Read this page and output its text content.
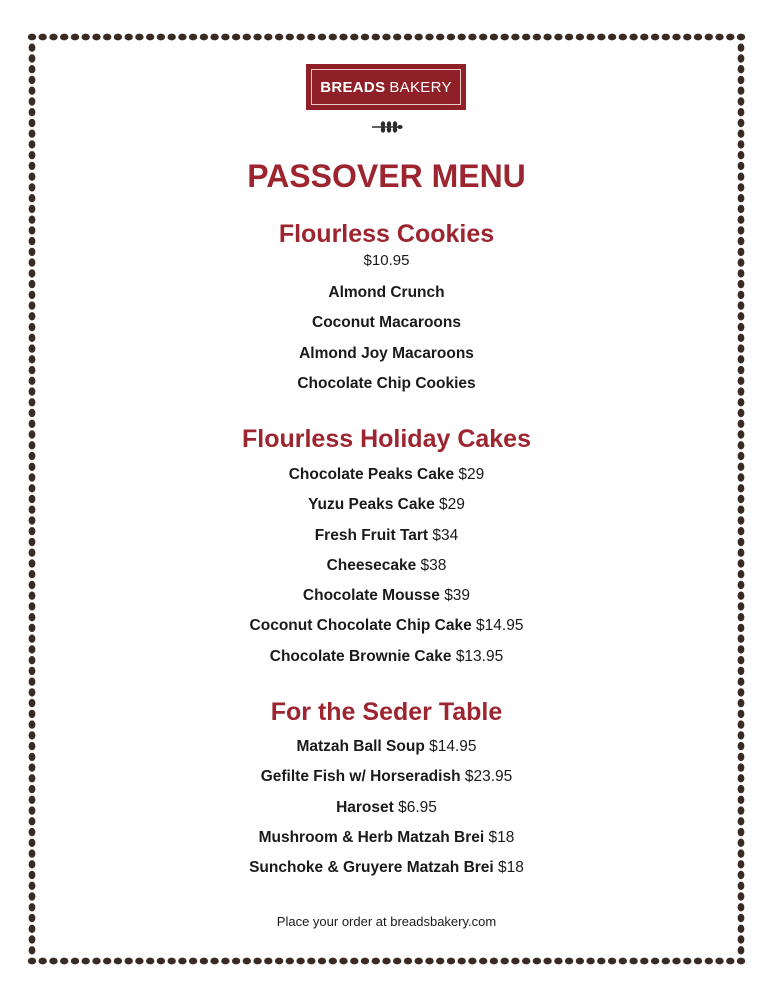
BREADS BAKERY
PASSOVER MENU
Flourless Cookies
$10.95
Almond Crunch
Coconut Macaroons
Almond Joy Macaroons
Chocolate Chip Cookies
Flourless Holiday Cakes
Chocolate Peaks Cake $29
Yuzu Peaks Cake $29
Fresh Fruit Tart $34
Cheesecake $38
Chocolate Mousse $39
Coconut Chocolate Chip Cake $14.95
Chocolate Brownie Cake $13.95
For the Seder Table
Matzah Ball Soup $14.95
Gefilte Fish w/ Horseradish $23.95
Haroset $6.95
Mushroom & Herb Matzah Brei $18
Sunchoke & Gruyere Matzah Brei $18
Place your order at breadsbakery.com
